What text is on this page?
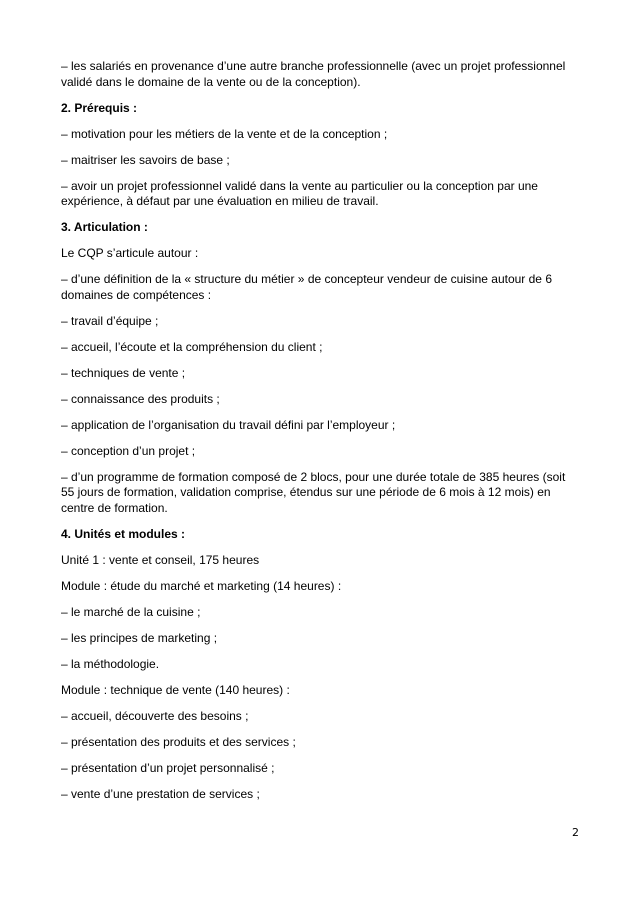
– les salariés en provenance d’une autre branche professionnelle (avec un projet professionnel validé dans le domaine de la vente ou de la conception).

2. Prérequis :

– motivation pour les métiers de la vente et de la conception ;

– maitriser les savoirs de base ;

– avoir un projet professionnel validé dans la vente au particulier ou la conception par une expérience, à défaut par une évaluation en milieu de travail.

3. Articulation :

Le CQP s’articule autour :

– d’une définition de la « structure du métier » de concepteur vendeur de cuisine autour de 6 domaines de compétences :

– travail d’équipe ;

– accueil, l’écoute et la compréhension du client ;

– techniques de vente ;

– connaissance des produits ;

– application de l’organisation du travail défini par l’employeur ;

– conception d’un projet ;

– d’un programme de formation composé de 2 blocs, pour une durée totale de 385 heures (soit 55 jours de formation, validation comprise, étendus sur une période de 6 mois à 12 mois) en centre de formation.

4. Unités et modules :

Unité 1 : vente et conseil, 175 heures

Module : étude du marché et marketing (14 heures) :

– le marché de la cuisine ;

– les principes de marketing ;

– la méthodologie.

Module : technique de vente (140 heures) :

– accueil, découverte des besoins ;

– présentation des produits et des services ;

– présentation d’un projet personnalisé ;

– vente d’une prestation de services ;

2
